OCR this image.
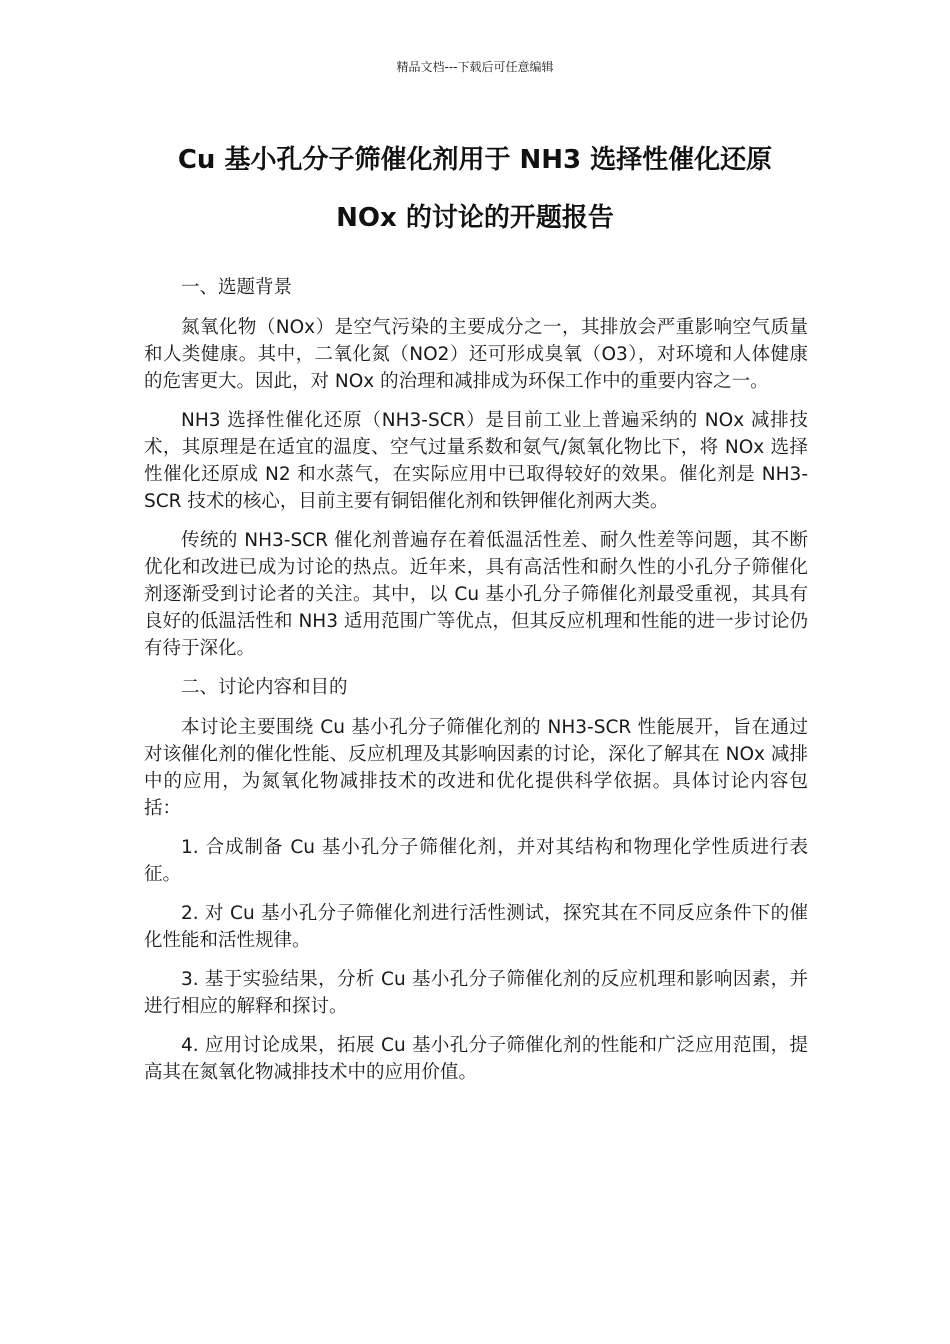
精品文档---下载后可任意编辑
Cu 基小孔分子筛催化剂用于 NH3 选择性催化还原
NOx 的讨论的开题报告

一、选题背景

氮氧化物（NOx）是空气污染的主要成分之一，其排放会严重影响空气质量和人类健康。其中，二氧化氮（NO2）还可形成臭氧（O3），对环境和人体健康的危害更大。因此，对 NOx 的治理和减排成为环保工作中的重要内容之一。

NH3 选择性催化还原（NH3-SCR）是目前工业上普遍采纳的 NOx 减排技术，其原理是在适宜的温度、空气过量系数和氨气/氮氧化物比下，将 NOx 选择性催化还原成 N2 和水蒸气，在实际应用中已取得较好的效果。催化剂是 NH3-SCR 技术的核心，目前主要有铜铝催化剂和铁钾催化剂两大类。

传统的 NH3-SCR 催化剂普遍存在着低温活性差、耐久性差等问题，其不断优化和改进已成为讨论的热点。近年来，具有高活性和耐久性的小孔分子筛催化剂逐渐受到讨论者的关注。其中，以 Cu 基小孔分子筛催化剂最受重视，其具有良好的低温活性和 NH3 适用范围广等优点，但其反应机理和性能的进一步讨论仍有待于深化。

二、讨论内容和目的

本讨论主要围绕 Cu 基小孔分子筛催化剂的 NH3-SCR 性能展开，旨在通过对该催化剂的催化性能、反应机理及其影响因素的讨论，深化了解其在 NOx 减排中的应用，为氮氧化物减排技术的改进和优化提供科学依据。具体讨论内容包括：

1. 合成制备 Cu 基小孔分子筛催化剂，并对其结构和物理化学性质进行表征。

2. 对 Cu 基小孔分子筛催化剂进行活性测试，探究其在不同反应条件下的催化性能和活性规律。

3. 基于实验结果，分析 Cu 基小孔分子筛催化剂的反应机理和影响因素，并进行相应的解释和探讨。

4. 应用讨论成果，拓展 Cu 基小孔分子筛催化剂的性能和广泛应用范围，提高其在氮氧化物减排技术中的应用价值。
